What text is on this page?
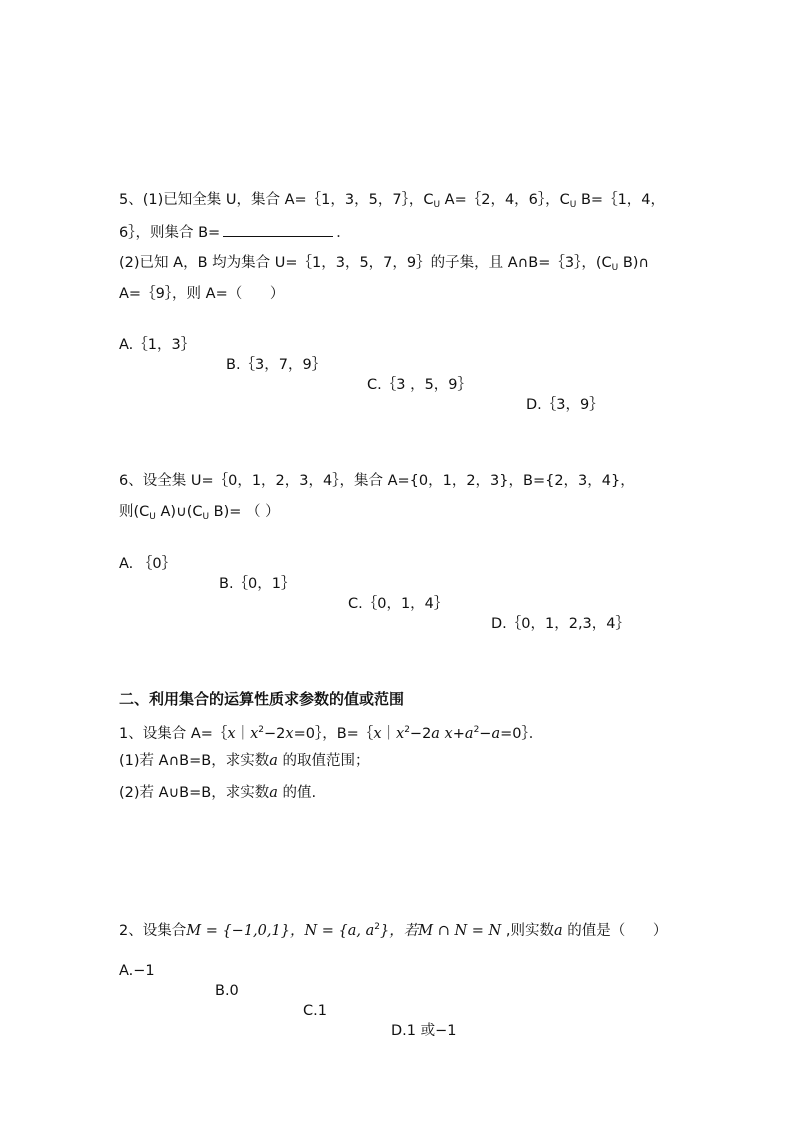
5、(1)已知全集 U，集合 A=｛1，3，5，7｝，$C_U$ A=｛2，4，6｝，$C_U$ B=｛1，4，
6｝，则集合 B=	．
(2)已知 A，B 均为集合 U=｛1，3，5，7，9｝的子集，且 A∩B=｛3｝，($C_U$ B)∩
A=｛9｝，则 A=（      ）

A.｛1，3｝

B.｛3，7，9｝

C.｛3 ，5，9｝

D.｛3，9｝

6、设全集 U=｛0，1，2，3，4｝，集合 A={0，1，2，3}，B={2，3，4}，
则($C_U$ $A)\cup(C_U$ B)= （ ）

A. ｛0｝

B.｛0，1｝

C.｛0，1，4｝

D.｛0，1，2,3，4｝

二、利用集合的运算性质求参数的值或范围
1、设集合 $A=\{x|x^2-2x=0\}$，$B=\{x|x^2-2a$ $x+a^2-a=0\}$．
(1)若 A∩B=B，求实数a 的取值范围；
(2)若 A∪B=B，求实数a 的值.
2、设集合M = {−1,0,1}，N = {a, $a^2$}，若M ∩ N = N ,则实数a 的值是（      ）

A.−1

B.0

C.1

D.1 或−1
